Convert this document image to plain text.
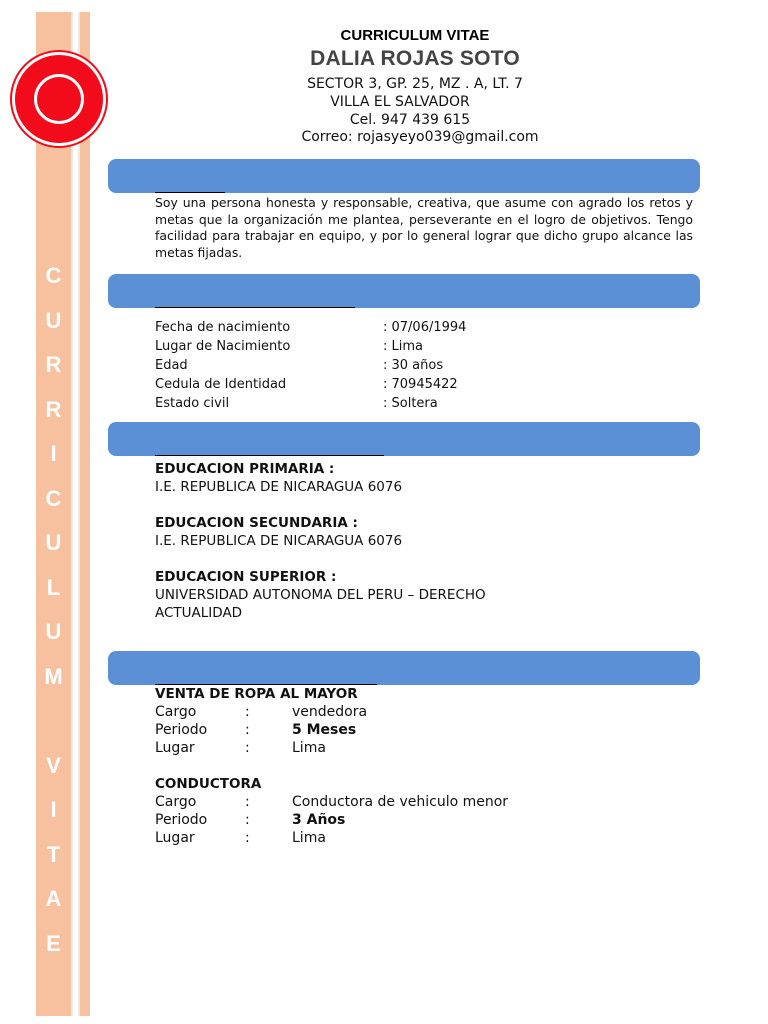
C
U
R
R
I
C
U
L
U
M
V
I
T
A
E
CURRICULUM VITAE
DALIA ROJAS SOTO
SECTOR 3, GP. 25, MZ . A, LT. 7
VILLA EL SALVADOR
Cel. 947 439 615
Correo: rojasyeyo039@gmail.com

Soy una persona honesta y responsable, creativa, que asume con agrado los retos y metas que la organización me plantea, perseverante en el logro de objetivos. Tengo facilidad para trabajar en equipo, y por lo general lograr que dicho grupo alcance las metas fijadas.

Fecha de nacimiento	: 07/06/1994
Lugar de Nacimiento	: Lima
Edad	: 30 años
Cedula de Identidad	: 70945422
Estado civil	: Soltera
EDUCACION PRIMARIA :
I.E. REPUBLICA DE NICARAGUA 6076
EDUCACION SECUNDARIA :
I.E. REPUBLICA DE NICARAGUA 6076
EDUCACION SUPERIOR :
UNIVERSIDAD AUTONOMA DEL PERU – DERECHO
ACTUALIDAD
VENTA DE ROPA AL MAYOR
Cargo	:	vendedora
Periodo	:	5 Meses
Lugar	:	Lima
CONDUCTORA
Cargo	:	Conductora de vehiculo menor
Periodo	:	3 Años
Lugar	:	Lima
